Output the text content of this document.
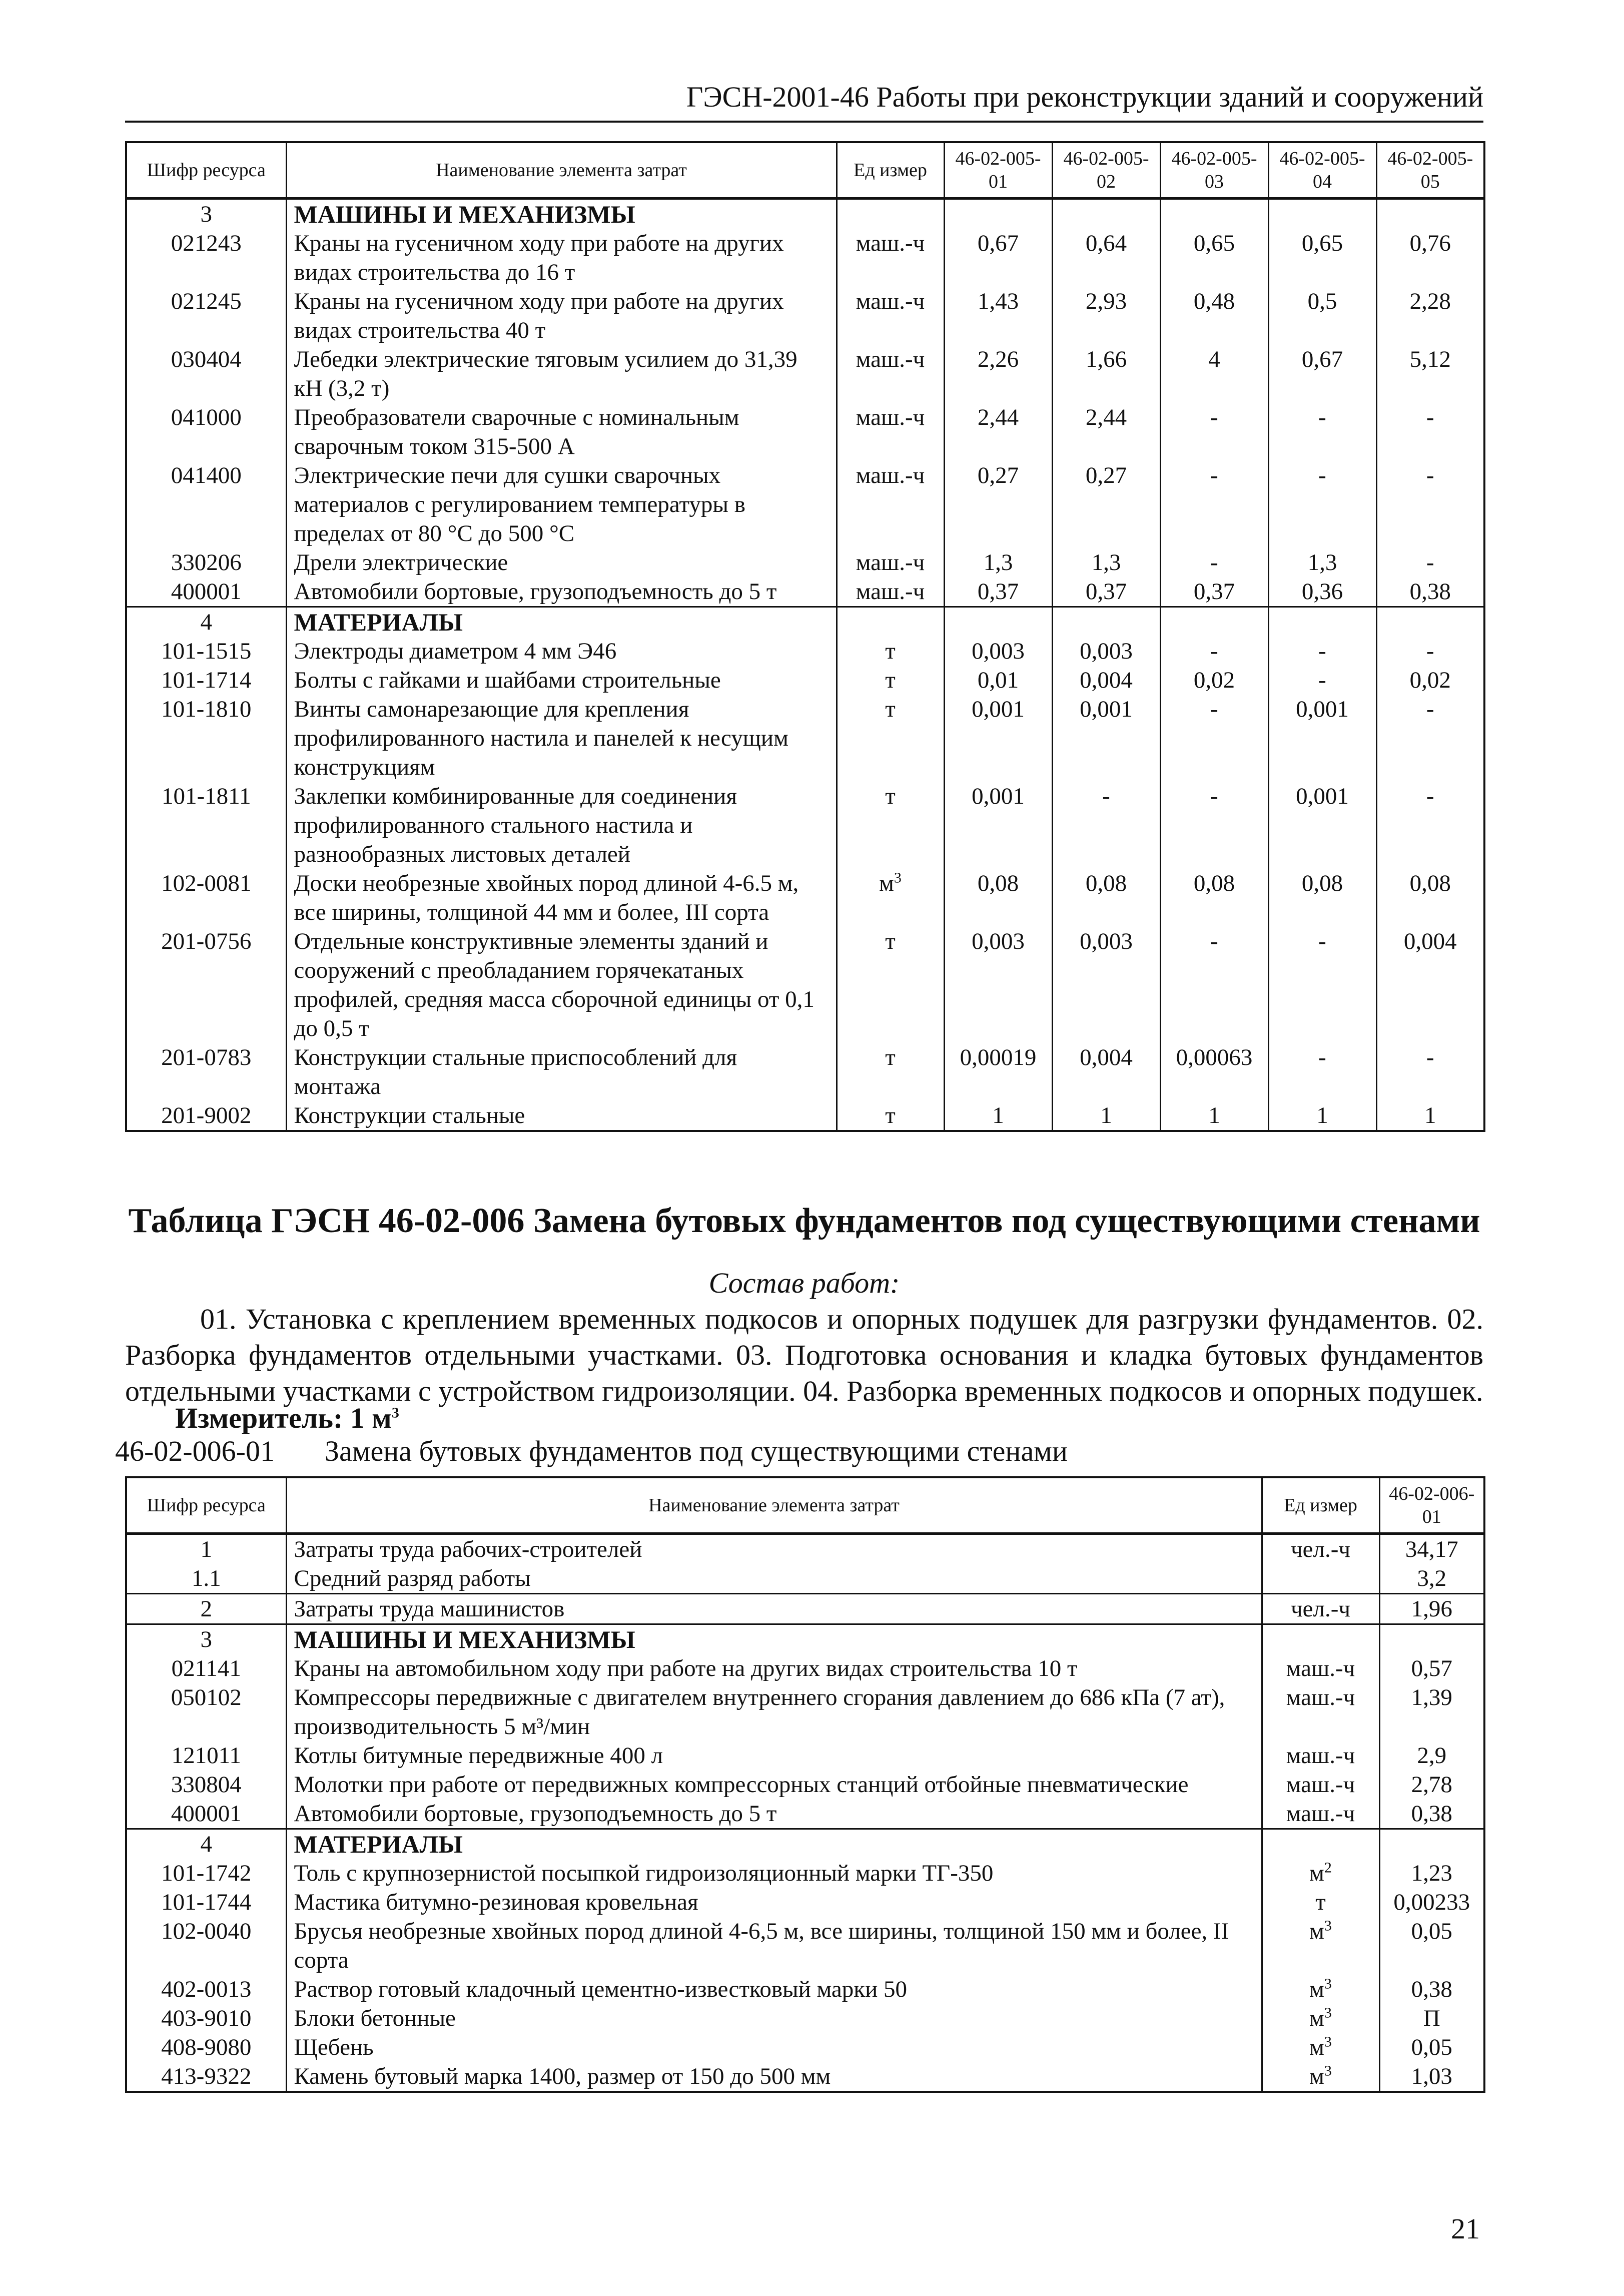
ГЭСН-2001-46 Работы при реконструкции зданий и сооружений
Шифр ресурса	Наименование элемента затрат	Ед измер	46-02-005-01	46-02-005-02	46-02-005-03	46-02-005-04	46-02-005-05
3	МАШИНЫ И МЕХАНИЗМЫ						
021243	Краны на гусеничном ходу при работе на других видах строительства до 16 т	маш.-ч	0,67	0,64	0,65	0,65	0,76
021245	Краны на гусеничном ходу при работе на других видах строительства 40 т	маш.-ч	1,43	2,93	0,48	0,5	2,28
030404	Лебедки электрические тяговым усилием до 31,39 кН (3,2 т)	маш.-ч	2,26	1,66	4	0,67	5,12
041000	Преобразователи сварочные с номинальным сварочным током 315-500 А	маш.-ч	2,44	2,44	-	-	-
041400	Электрические печи для сушки сварочных материалов с регулированием температуры в пределах от 80 °С до 500 °С	маш.-ч	0,27	0,27	-	-	-
330206	Дрели электрические	маш.-ч	1,3	1,3	-	1,3	-
400001	Автомобили бортовые, грузоподъемность до 5 т	маш.-ч	0,37	0,37	0,37	0,36	0,38
4	МАТЕРИАЛЫ						
101-1515	Электроды диаметром 4 мм Э46	т	0,003	0,003	-	-	-
101-1714	Болты с гайками и шайбами строительные	т	0,01	0,004	0,02	-	0,02
101-1810	Винты самонарезающие для крепления профилированного настила и панелей к несущим конструкциям	т	0,001	0,001	-	0,001	-
101-1811	Заклепки комбинированные для соединения профилированного стального настила и разнообразных листовых деталей	т	0,001	-	-	0,001	-
102-0081	Доски необрезные хвойных пород длиной 4-6.5 м, все ширины, толщиной 44 мм и более, III сорта	$м^3$	0,08	0,08	0,08	0,08	0,08
201-0756	Отдельные конструктивные элементы зданий и сооружений с преобладанием горячекатаных профилей, средняя масса сборочной единицы от 0,1 до 0,5 т	т	0,003	0,003	-	-	0,004
201-0783	Конструкции стальные приспособлений для монтажа	т	0,00019	0,004	0,00063	-	-
201-9002	Конструкции стальные	т	1	1	1	1	1
Таблица ГЭСН 46-02-006 Замена бутовых фундаментов под существующими стенами
Состав работ:
01. Установка с креплением временных подкосов и опорных подушек для разгрузки фундаментов. 02. Разборка фундаментов отдельными участками. 03. Подготовка основания и кладка бутовых фундаментов отдельными участками с устройством гидроизоляции. 04. Разборка временных подкосов и опорных подушек.
Измеритель: 1 $м^3$
46-02-006-01 Замена бутовых фундаментов под существующими стенами
Шифр ресурса	Наименование элемента затрат	Ед измер	46-02-006-01
1	Затраты труда рабочих-строителей	чел.-ч	34,17
1.1	Средний разряд работы		3,2
2	Затраты труда машинистов	чел.-ч	1,96
3	МАШИНЫ И МЕХАНИЗМЫ		
021141	Краны на автомобильном ходу при работе на других видах строительства 10 т	маш.-ч	0,57
050102	Компрессоры передвижные с двигателем внутреннего сгорания давлением до 686 кПа (7 ат), производительность 5 м³/мин	маш.-ч	1,39
121011	Котлы битумные передвижные 400 л	маш.-ч	2,9
330804	Молотки при работе от передвижных компрессорных станций отбойные пневматические	маш.-ч	2,78
400001	Автомобили бортовые, грузоподъемность до 5 т	маш.-ч	0,38
4	МАТЕРИАЛЫ		
101-1742	Толь с крупнозернистой посыпкой гидроизоляционный марки ТГ-350	$м^2$	1,23
101-1744	Мастика битумно-резиновая кровельная	т	0,00233
102-0040	Брусья необрезные хвойных пород длиной 4-6,5 м, все ширины, толщиной 150 мм и более, II сорта	$м^3$	0,05
402-0013	Раствор готовый кладочный цементно-известковый марки 50	$м^3$	0,38
403-9010	Блоки бетонные	$м^3$	П
408-9080	Щебень	$м^3$	0,05
413-9322	Камень бутовый марка 1400, размер от 150 до 500 мм	$м^3$	1,03
21
